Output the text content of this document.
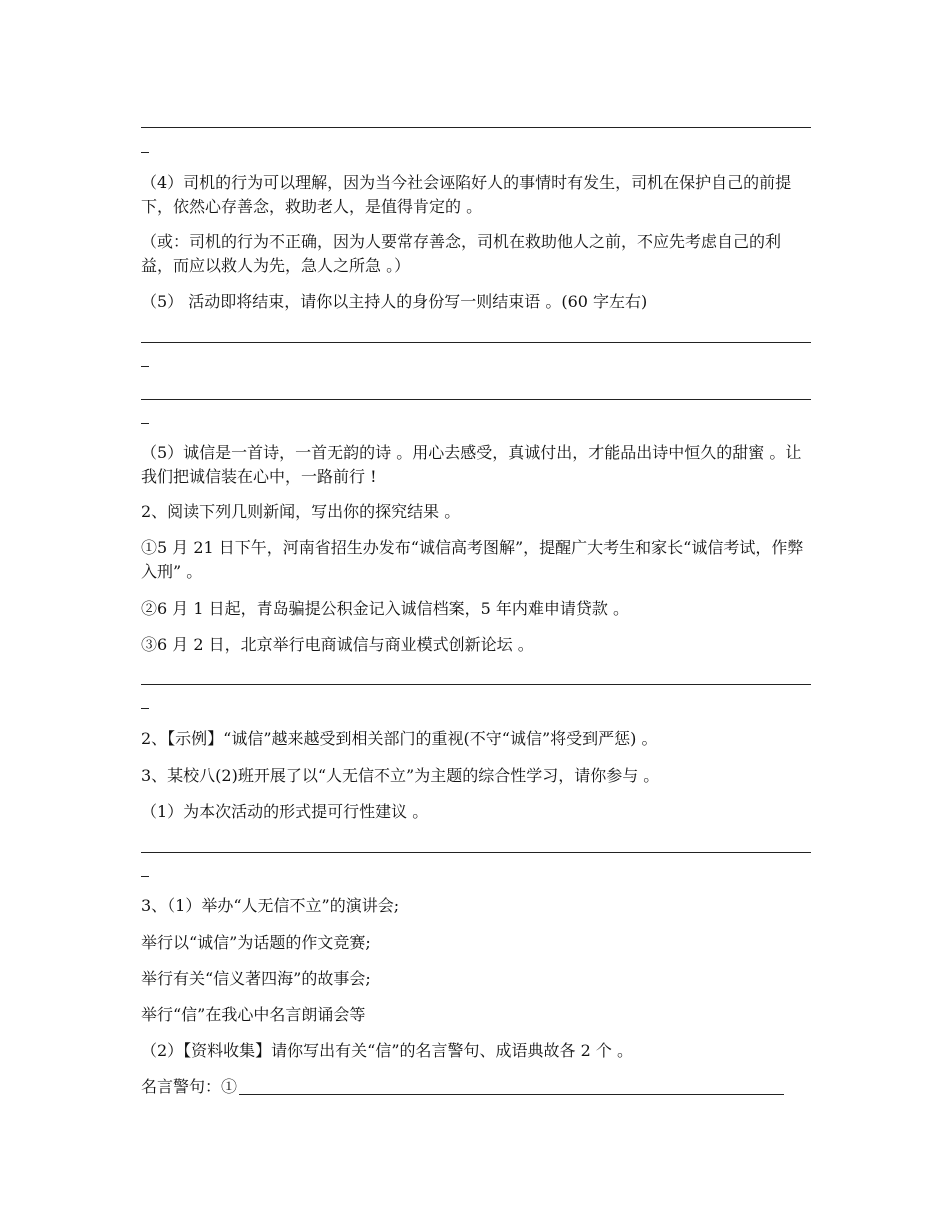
（4）司机的行为可以理解，因为当今社会诬陷好人的事情时有发生，司机在保护自己的前提下，依然心存善念，救助老人，是值得肯定的 。

（或：司机的行为不正确，因为人要常存善念，司机在救助他人之前，不应先考虑自己的利益，而应以救人为先，急人之所急 。）

（5） 活动即将结束，请你以主持人的身份写一则结束语 。(60 字左右)

（5）诚信是一首诗，一首无韵的诗 。用心去感受，真诚付出，才能品出诗中恒久的甜蜜 。让我们把诚信装在心中，一路前行 !

2、阅读下列几则新闻，写出你的探究结果 。

①5 月 21 日下午，河南省招生办发布“诚信高考图解”，提醒广大考生和家长“诚信考试，作弊入刑” 。

②6 月 1 日起，青岛骗提公积金记入诚信档案，5 年内难申请贷款 。

③6 月 2 日，北京举行电商诚信与商业模式创新论坛 。

2、【示例】“诚信”越来越受到相关部门的重视(不守“诚信”将受到严惩) 。

3、某校八(2)班开展了以“人无信不立”为主题的综合性学习，请你参与 。

（1）为本次活动的形式提可行性建议 。

3、（1）举办“人无信不立”的演讲会;

举行以“诚信”为话题的作文竞赛;

举行有关“信义著四海”的故事会;

举行“信”在我心中名言朗诵会等

（2）【资料收集】请你写出有关“信”的名言警句、成语典故各 2 个 。

名言警句：①
